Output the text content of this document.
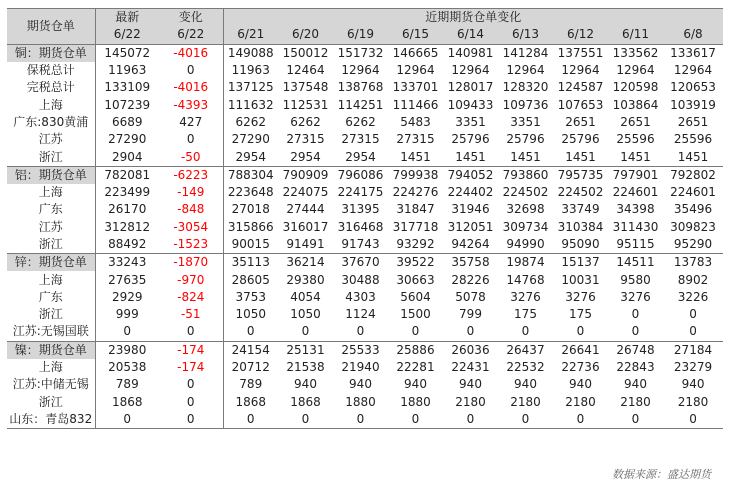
期货仓单	最新	变化	近期期货仓单变化								
	6/22	6/22	6/21	6/20	6/19	6/15	6/14	6/13	6/12	6/11	6/8
铜：期货仓单	145072	-4016	149088	150012	151732	146665	140981	141284	137551	133562	133617
保税总计	11963	0	11963	12464	12964	12964	12964	12964	12964	12964	12964
完税总计	133109	-4016	137125	137548	138768	133701	128017	128320	124587	120598	120653
上海	107239	-4393	111632	112531	114251	111466	109433	109736	107653	103864	103919
广东:830黄浦	6689	427	6262	6262	6262	5483	3351	3351	2651	2651	2651
江苏	27290	0	27290	27315	27315	27315	25796	25796	25796	25596	25596
浙江	2904	-50	2954	2954	2954	1451	1451	1451	1451	1451	1451
铝：期货仓单	782081	-6223	788304	790909	796086	799938	794052	793860	795735	797901	792802
上海	223499	-149	223648	224075	224175	224276	224402	224502	224502	224601	224601
广东	26170	-848	27018	27444	31395	31847	31946	32698	33749	34398	35496
江苏	312812	-3054	315866	316017	316468	317718	312051	309734	310384	311430	309823
浙江	88492	-1523	90015	91491	91743	93292	94264	94990	95090	95115	95290
锌：期货仓单	33243	-1870	35113	36214	37670	39522	35758	19874	15137	14511	13783
上海	27635	-970	28605	29380	30488	30663	28226	14768	10031	9580	8902
广东	2929	-824	3753	4054	4303	5604	5078	3276	3276	3276	3226
浙江	999	-51	1050	1050	1124	1500	799	175	175	0	0
江苏:无锡国联	0	0	0	0	0	0	0	0	0	0	0
镍：期货仓单	23980	-174	24154	25131	25533	25886	26036	26437	26641	26748	27184
上海	20538	-174	20712	21538	21940	22281	22431	22532	22736	22843	23279
江苏:中储无锡	789	0	789	940	940	940	940	940	940	940	940
浙江	1868	0	1868	1868	1880	1880	2180	2180	2180	2180	2180
山东：青岛832	0	0	0	0	0	0	0	0	0	0	0
数据来源：盛达期货
